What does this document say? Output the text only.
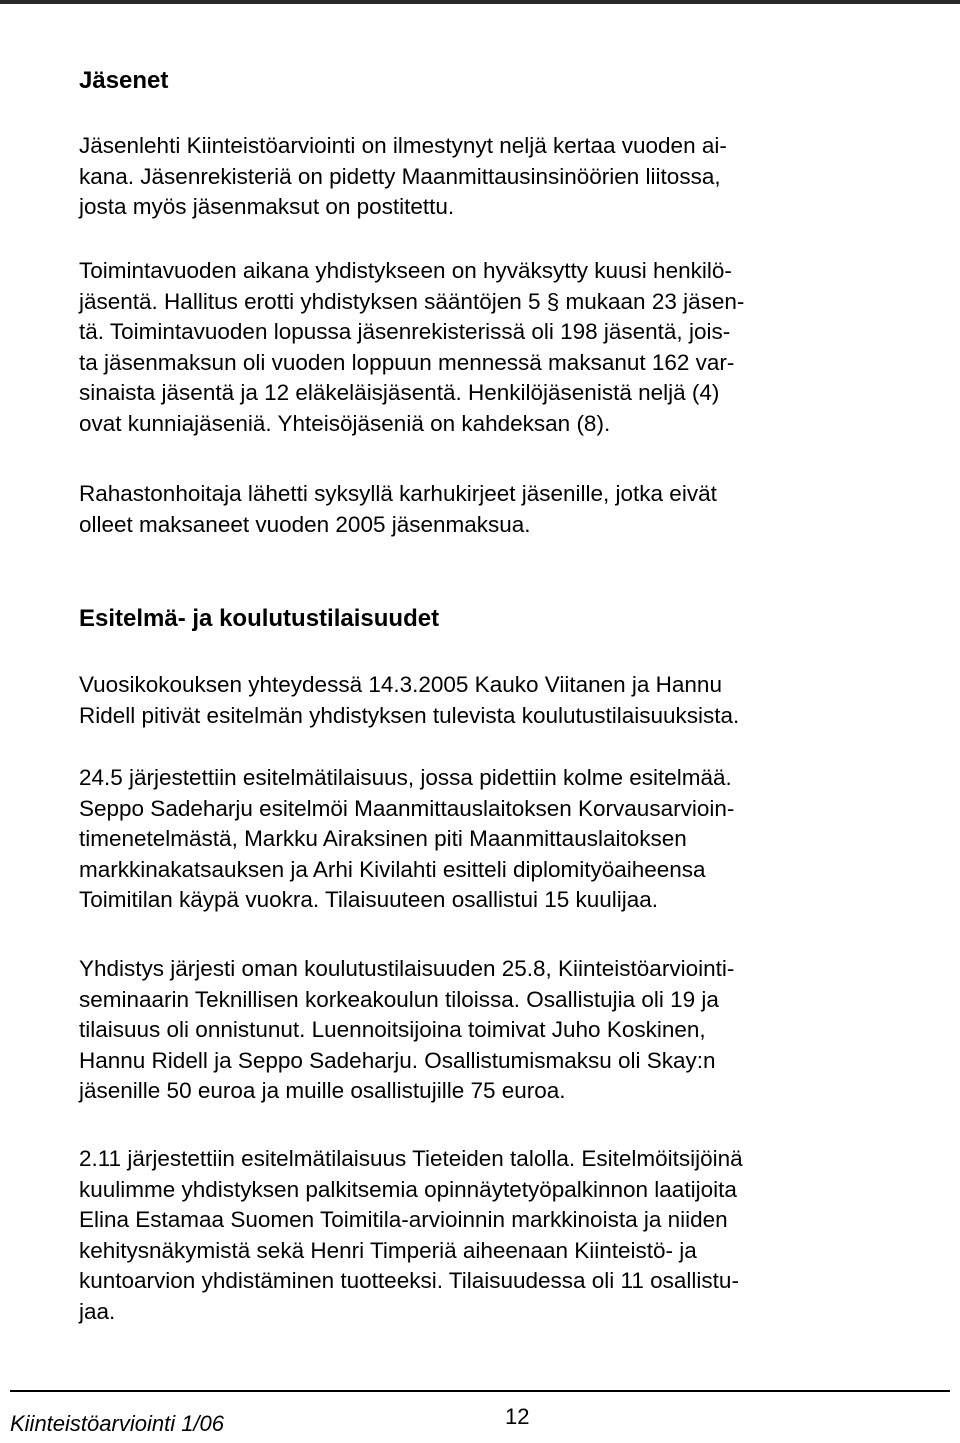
Jäsenet

Jäsenlehti Kiinteistöarviointi on ilmestynyt neljä kertaa vuoden ai-

kana. Jäsenrekisteriä on pidetty Maanmittausinsinöörien liitossa,

josta myös jäsenmaksut on postitettu.

Toimintavuoden aikana yhdistykseen on hyväksytty kuusi henkilö-

jäsentä. Hallitus erotti yhdistyksen sääntöjen 5 § mukaan 23 jäsen-

tä. Toimintavuoden lopussa jäsenrekisterissä oli 198 jäsentä, jois-

ta jäsenmaksun oli vuoden loppuun mennessä maksanut 162 var-

sinaista jäsentä ja 12 eläkeläisjäsentä. Henkilöjäsenistä neljä (4)

ovat kunniajäseniä. Yhteisöjäseniä on kahdeksan (8).

Rahastonhoitaja lähetti syksyllä karhukirjeet jäsenille, jotka eivät

olleet maksaneet vuoden 2005 jäsenmaksua.

Esitelmä- ja koulutustilaisuudet

Vuosikokouksen yhteydessä 14.3.2005 Kauko Viitanen ja Hannu

Ridell pitivät esitelmän yhdistyksen tulevista koulutustilaisuuksista.

24.5 järjestettiin esitelmätilaisuus, jossa pidettiin kolme esitelmää.

Seppo Sadeharju esitelmöi Maanmittauslaitoksen Korvausarvioin-

timenetelmästä, Markku Airaksinen piti Maanmittauslaitoksen

markkinakatsauksen ja Arhi Kivilahti esitteli diplomityöaiheensa

Toimitilan käypä vuokra. Tilaisuuteen osallistui 15 kuulijaa.

Yhdistys järjesti oman koulutustilaisuuden 25.8, Kiinteistöarviointi-

seminaarin Teknillisen korkeakoulun tiloissa. Osallistujia oli 19 ja

tilaisuus oli onnistunut. Luennoitsijoina toimivat Juho Koskinen,

Hannu Ridell ja Seppo Sadeharju. Osallistumismaksu oli Skay:n

jäsenille 50 euroa ja muille osallistujille 75 euroa.

2.11 järjestettiin esitelmätilaisuus Tieteiden talolla. Esitelmöitsijöinä

kuulimme yhdistyksen palkitsemia opinnäytetyöpalkinnon laatijoita

Elina Estamaa Suomen Toimitila-arvioinnin markkinoista ja niiden

kehitysnäkymistä sekä Henri Timperiä aiheenaan Kiinteistö- ja

kuntoarvion yhdistäminen tuotteeksi. Tilaisuudessa oli 11 osallistu-

jaa.

Kiinteistöarviointi 1/06	12
